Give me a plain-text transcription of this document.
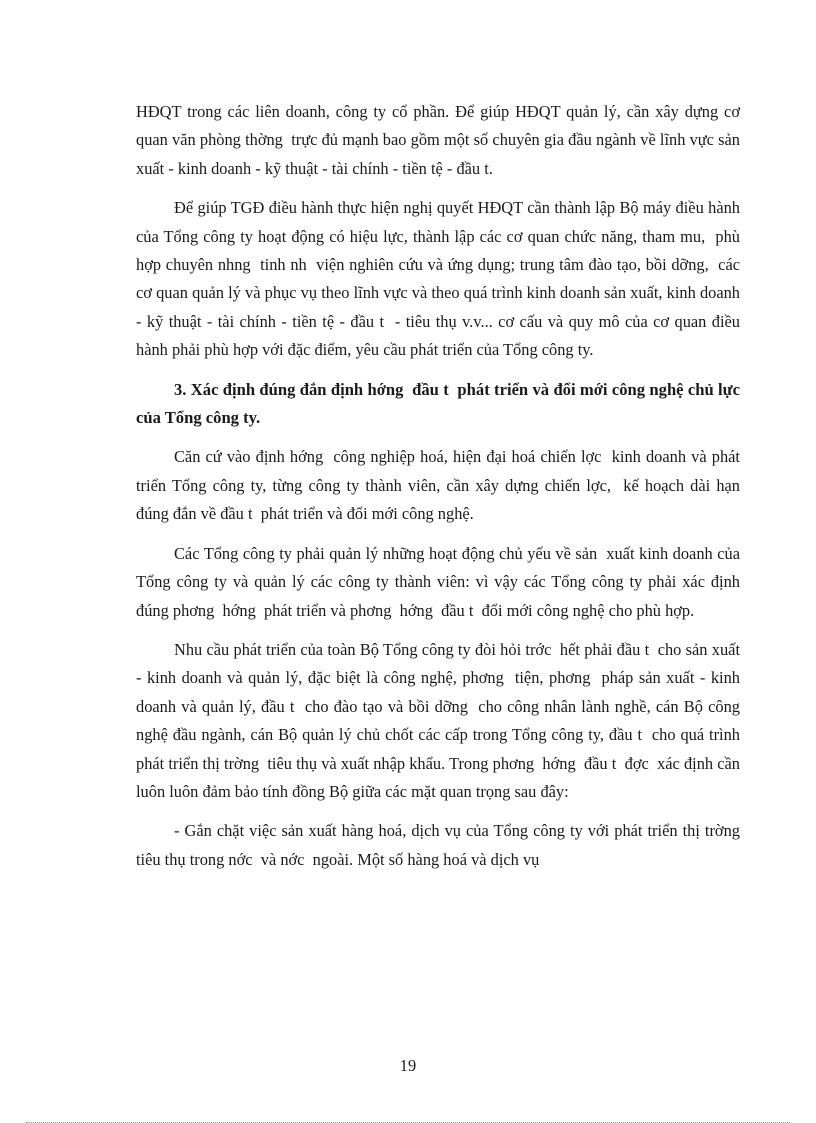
HĐQT trong các liên doanh, công ty cổ phần. Để giúp HĐQT quản lý, cần xây dựng cơ quan văn phòng thờng  trực đủ mạnh bao gồm một số chuyên gia đầu ngành về lĩnh vực sản xuất - kinh doanh - kỹ thuật - tài chính - tiền tệ - đầu t.

Để giúp TGĐ điều hành thực hiện nghị quyết HĐQT cần thành lập Bộ máy điều hành của Tổng công ty hoạt động có hiệu lực, thành lập các cơ quan chức năng, tham mu,  phù hợp chuyên nhng  tinh nh  viện nghiên cứu và ứng dụng; trung tâm đào tạo, bồi dỡng,  các cơ quan quản lý và phục vụ theo lĩnh vực và theo quá trình kinh doanh sản xuất, kinh doanh - kỹ thuật - tài chính - tiền tệ - đầu t  - tiêu thụ v.v... cơ cấu và quy mô của cơ quan điều hành phải phù hợp với đặc điểm, yêu cầu phát triển của Tổng công ty.

3. Xác định đúng đắn định hớng  đầu t  phát triển và đổi mới công nghệ chủ lực của Tổng công ty.

Căn cứ vào định hớng  công nghiệp hoá, hiện đại hoá chiến lợc  kinh doanh và phát triển Tổng công ty, từng công ty thành viên, cần xây dựng chiến lợc,  kế hoạch dài hạn đúng đắn về đầu t  phát triển và đổi mới công nghệ.

Các Tổng công ty phải quản lý những hoạt động chủ yếu về sản  xuất kinh doanh của Tổng công ty và quản lý các công ty thành viên: vì vậy các Tổng công ty phải xác định đúng phơng  hớng  phát triển và phơng  hớng  đầu t  đổi mới công nghệ cho phù hợp.

Nhu cầu phát triển của toàn Bộ Tổng công ty đòi hỏi trớc  hết phải đầu t  cho sản xuất - kinh doanh và quản lý, đặc biệt là công nghệ, phơng  tiện, phơng  pháp sản xuất - kinh doanh và quản lý, đầu t  cho đào tạo và bồi dỡng  cho công nhân lành nghề, cán Bộ công nghệ đầu ngành, cán Bộ quản lý chủ chốt các cấp trong Tổng công ty, đầu t  cho quá trình phát triển thị trờng  tiêu thụ và xuất nhập khẩu. Trong phơng  hớng  đầu t  đợc  xác định cần luôn luôn đảm bảo tính đồng Bộ giữa các mặt quan trọng sau đây:

- Gắn chặt việc sản xuất hàng hoá, dịch vụ của Tổng công ty với phát triển thị trờng  tiêu thụ trong nớc  và nớc  ngoài. Một số hàng hoá và dịch vụ

19
